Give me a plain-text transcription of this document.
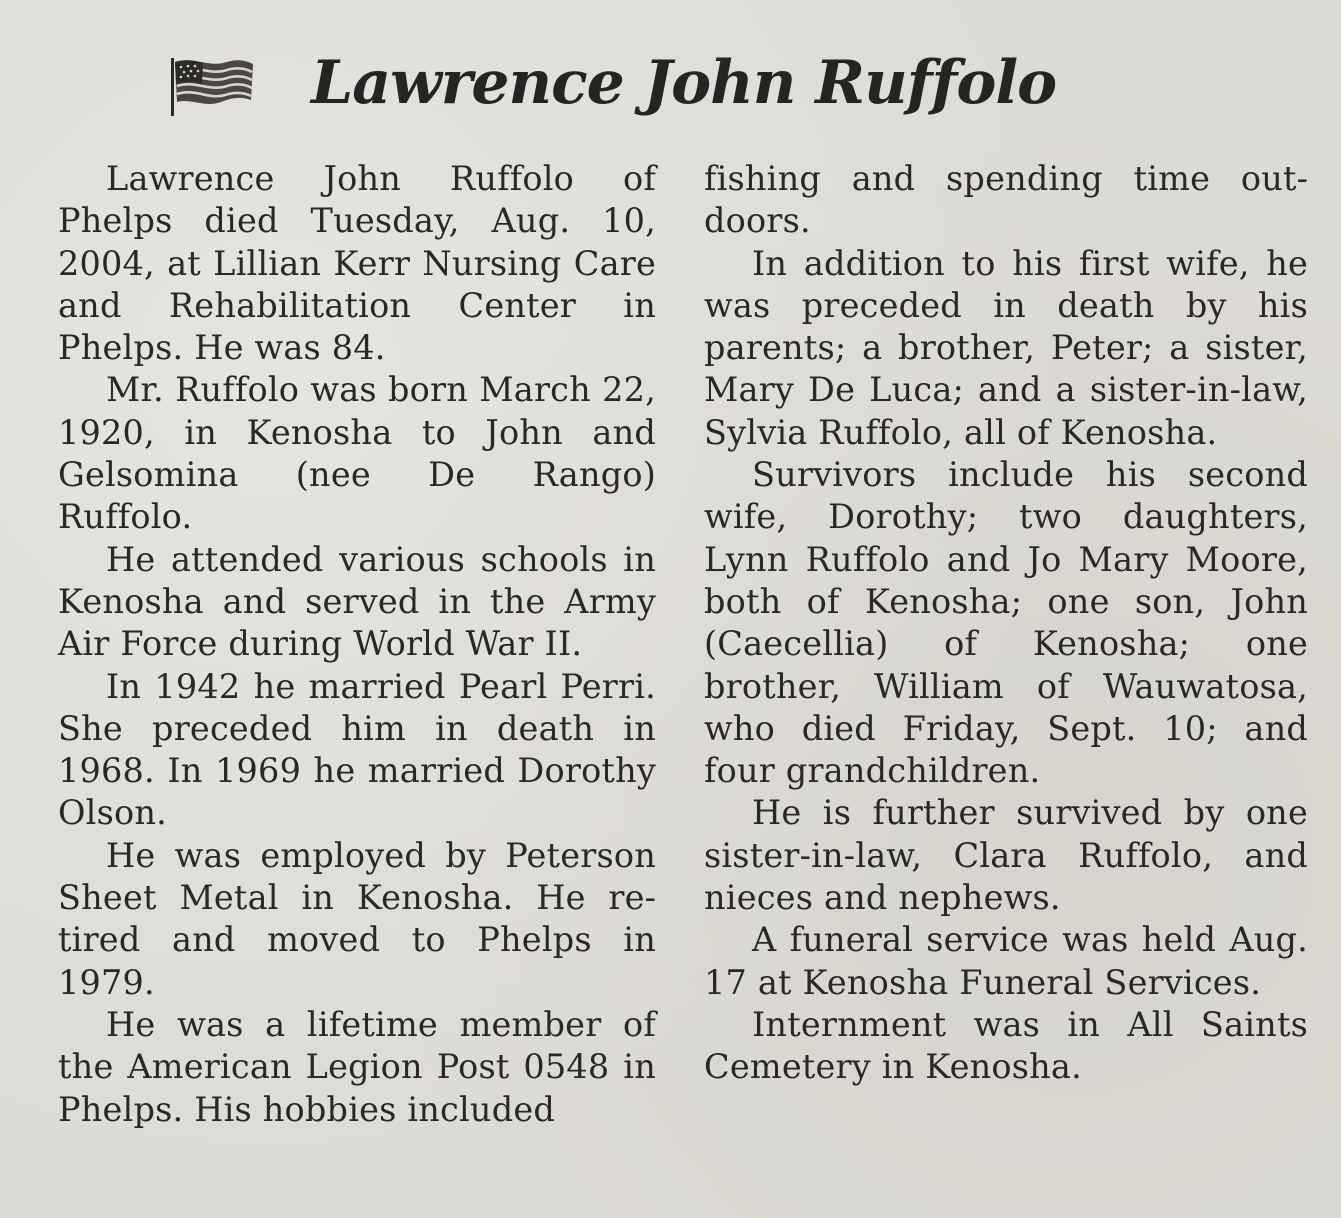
Lawrence John Ruffolo

Lawrence John Ruffolo of Phelps died Tuesday, Aug. 10, 2004, at Lillian Kerr Nursing Care and Rehabilitation Center in Phelps. He was 84.

Mr. Ruffolo was born March 22, 1920, in Kenosha to John and Gelsomina (nee De Rango) Ruffolo.

He attended various schools in Kenosha and served in the Army Air Force during World War II.

In 1942 he married Pearl Perri. She preceded him in death in 1968. In 1969 he married Dorothy Olson.

He was employed by Peterson Sheet Metal in Kenosha. He retired and moved to Phelps in 1979.

He was a lifetime member of the American Legion Post 0548 in Phelps. His hobbies included

fishing and spending time outdoors.

In addition to his first wife, he was preceded in death by his parents; a brother, Peter; a sister, Mary De Luca; and a sister-in-law, Sylvia Ruffolo, all of Kenosha.

Survivors include his second wife, Dorothy; two daughters, Lynn Ruffolo and Jo Mary Moore, both of Kenosha; one son, John (Caecellia) of Kenosha; one brother, William of Wauwatosa, who died Friday, Sept. 10; and four grandchildren.

He is further survived by one sister-in-law, Clara Ruffolo, and nieces and nephews.

A funeral service was held Aug. 17 at Kenosha Funeral Services.

Internment was in All Saints Cemetery in Kenosha.
